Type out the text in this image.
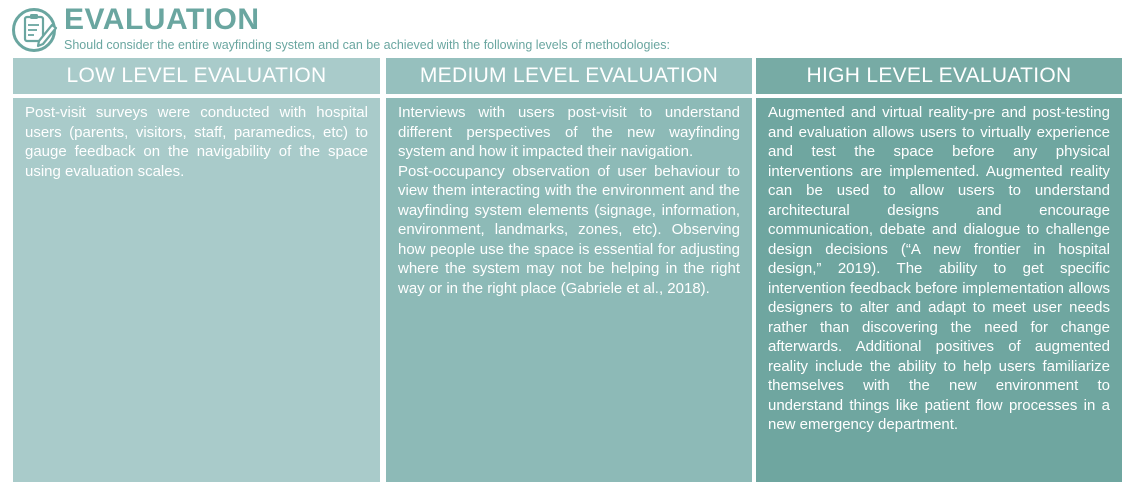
EVALUATION
Should consider the entire wayfinding system and can be achieved with the following levels of methodologies:
LOW LEVEL EVALUATION	MEDIUM LEVEL EVALUATION	HIGH LEVEL EVALUATION

Post-visit surveys were conducted with hospital users (parents, visitors, staff, paramedics, etc) to gauge feedback on the navigability of the space using evaluation scales.

Interviews with users post-visit to understand different perspectives of the new wayfinding system and how it impacted their navigation.

Post-occupancy observation of user behaviour to view them interacting with the environment and the wayfinding system elements (signage, information, environment, landmarks, zones, etc). Observing how people use the space is essential for adjusting where the system may not be helping in the right way or in the right place (Gabriele et al., 2018).

Augmented and virtual reality-pre and post-testing and evaluation allows users to virtually experience and test the space before any physical interventions are implemented. Augmented reality can be used to allow users to understand architectural designs and encourage communication, debate and dialogue to challenge design decisions (“A new frontier in hospital design,” 2019). The ability to get specific intervention feedback before implementation allows designers to alter and adapt to meet user needs rather than discovering the need for change afterwards. Additional positives of augmented reality include the ability to help users familiarize themselves with the new environment to understand things like patient flow processes in a new emergency department.
